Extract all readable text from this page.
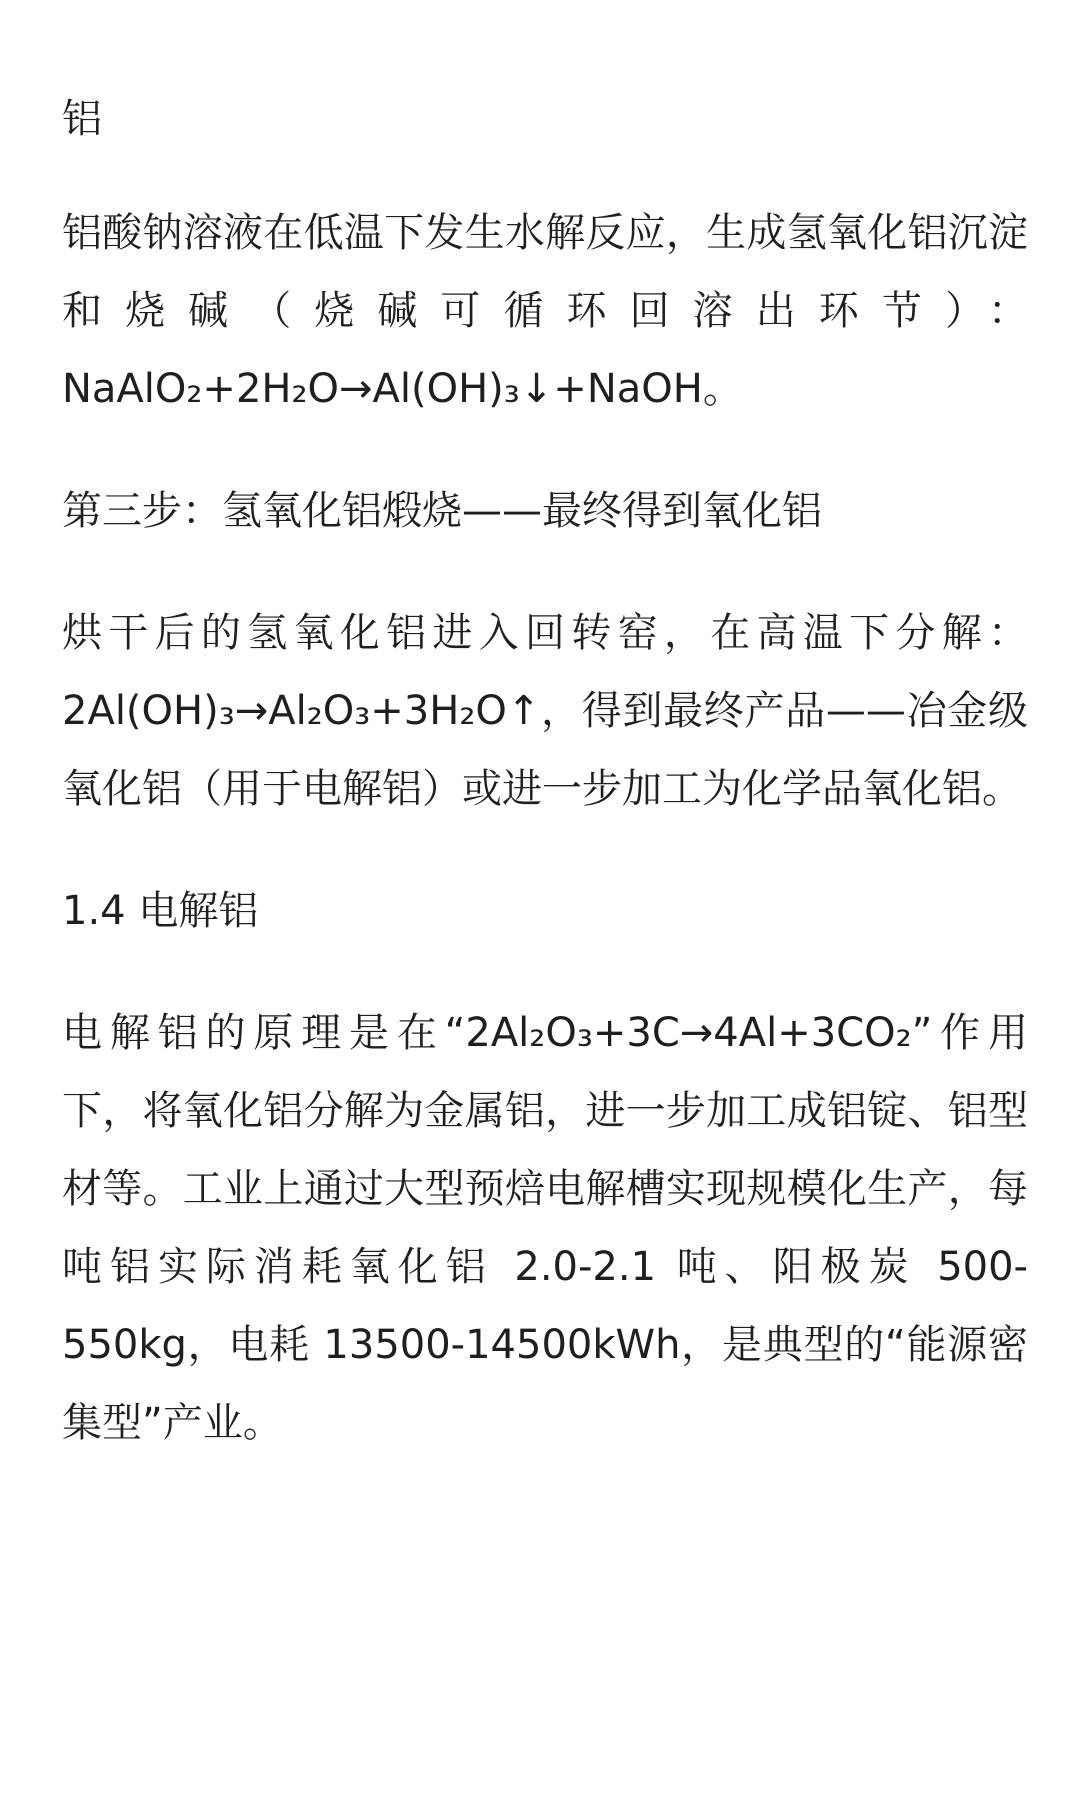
铝

铝酸钠溶液在低温下发生水解反应，生成氢氧化铝沉淀和烧碱（烧碱可循环回溶出环节）：NaAlO₂+2H₂O→Al(OH)₃↓+NaOH。

第三步：氢氧化铝煅烧——最终得到氧化铝

烘干后的氢氧化铝进入回转窑，在高温下分解：2Al(OH)₃→Al₂O₃+3H₂O↑，得到最终产品——冶金级氧化铝（用于电解铝）或进一步加工为化学品氧化铝。

1.4 电解铝

电解铝的原理是在“2Al₂O₃+3C→4Al+3CO₂”作用下，将氧化铝分解为金属铝，进一步加工成铝锭、铝型材等。工业上通过大型预焙电解槽实现规模化生产，每吨铝实际消耗氧化铝 2.0-2.1 吨、阳极炭 500-550kg，电耗 13500-14500kWh，是典型的“能源密集型”产业。
